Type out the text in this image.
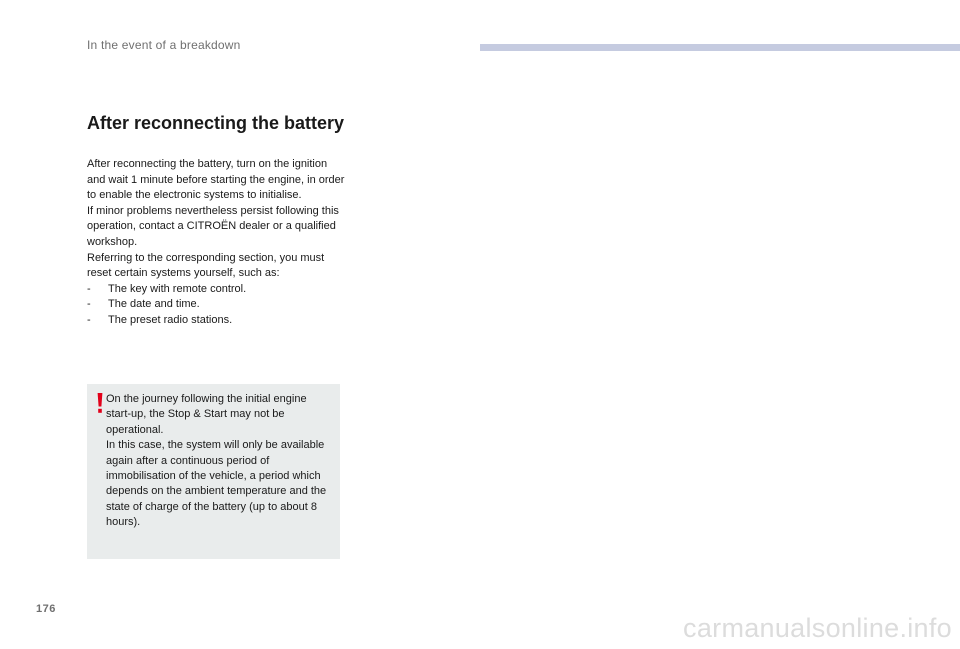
In the event of a breakdown
After reconnecting the battery

After reconnecting the battery, turn on the ignition and wait 1 minute before starting the engine, in order to enable the electronic systems to initialise.

If minor problems nevertheless persist following this operation, contact a CITROËN dealer or a qualified workshop.

Referring to the corresponding section, you must reset certain systems yourself, such as:

- The key with remote control.
- The date and time.
- The preset radio stations.

On the journey following the initial engine start-up, the Stop & Start may not be operational.

In this case, the system will only be available again after a continuous period of immobilisation of the vehicle, a period which depends on the ambient temperature and the state of charge of the battery (up to about 8 hours).

176
carmanualsonline.info
